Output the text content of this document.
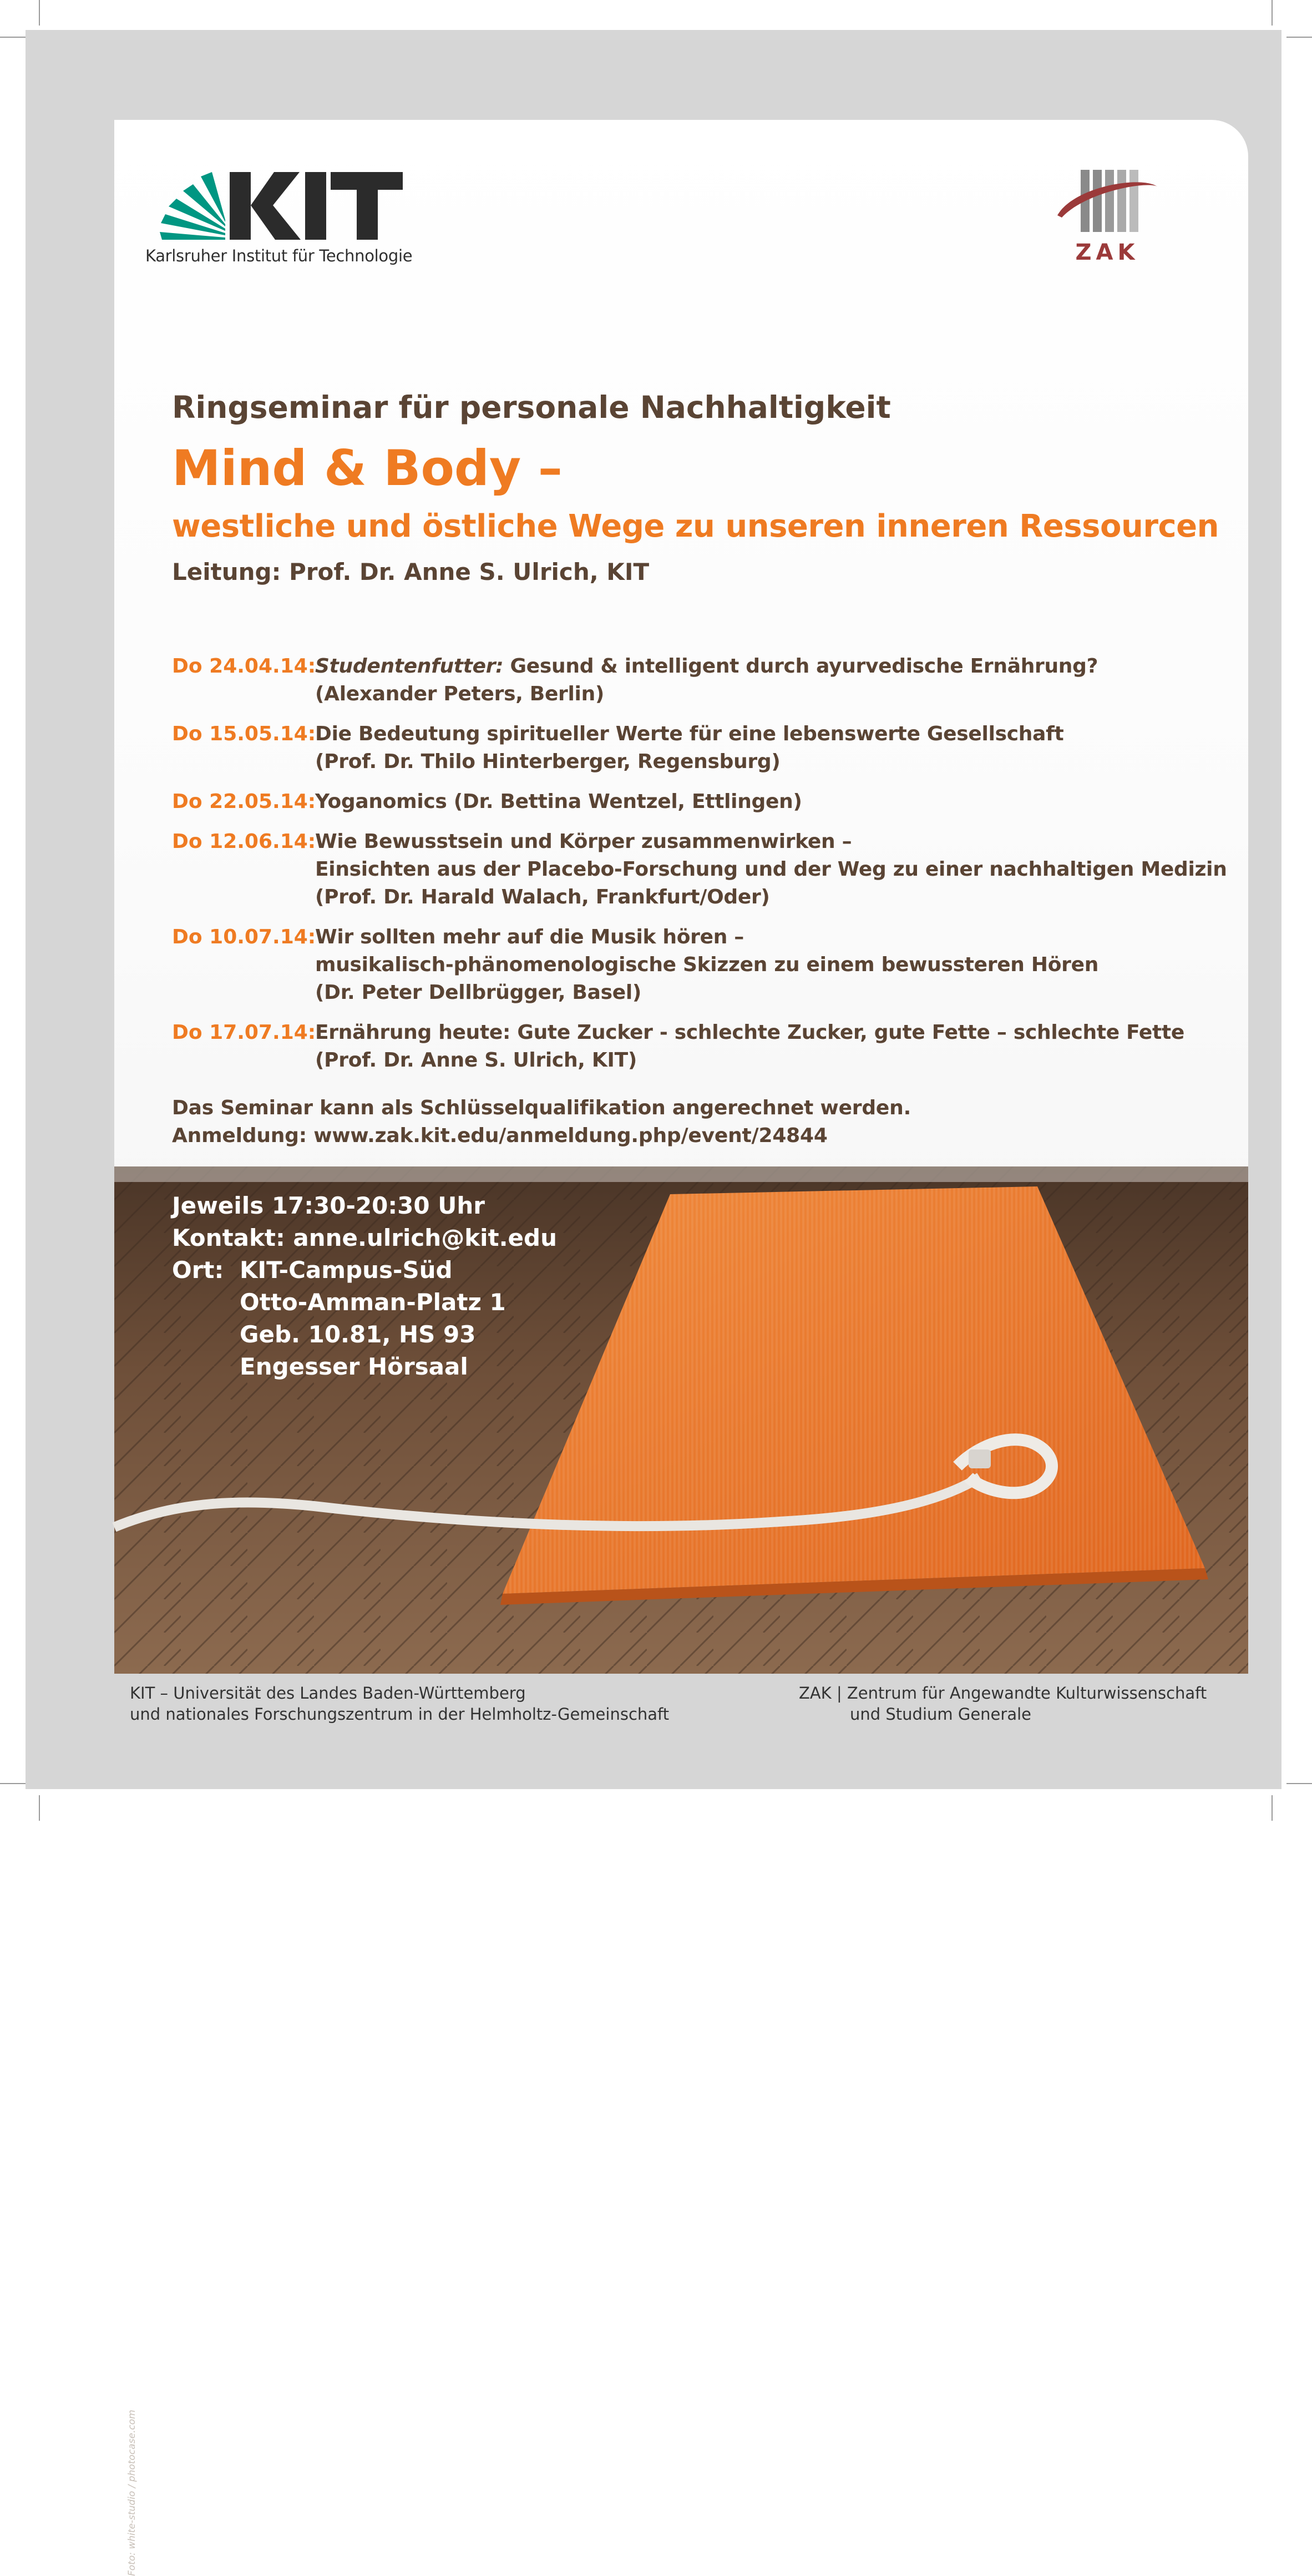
Karlsruher Institut für Technologie	ZAK
Ringseminar für personale Nachhaltigkeit
Mind & Body –
westliche und östliche Wege zu unseren inneren Ressourcen
Leitung: Prof. Dr. Anne S. Ulrich, KIT
Do 24.04.14:
Studentenfutter: Gesund & intelligent durch ayurvedische Ernährung?
(Alexander Peters, Berlin)
Do 15.05.14:
Die Bedeutung spiritueller Werte für eine lebenswerte Gesellschaft
(Prof. Dr. Thilo Hinterberger, Regensburg)
Do 22.05.14:
Yoganomics (Dr. Bettina Wentzel, Ettlingen)
Do 12.06.14:
Wie Bewusstsein und Körper zusammenwirken –
Einsichten aus der Placebo-Forschung und der Weg zu einer nachhaltigen Medizin
(Prof. Dr. Harald Walach, Frankfurt/Oder)
Do 10.07.14:
Wir sollten mehr auf die Musik hören –
musikalisch-phänomenologische Skizzen zu einem bewussteren Hören
(Dr. Peter Dellbrügger, Basel)
Do 17.07.14:
Ernährung heute: Gute Zucker - schlechte Zucker, gute Fette – schlechte Fette
(Prof. Dr. Anne S. Ulrich, KIT)
Das Seminar kann als Schlüsselqualifikation angerechnet werden.
Anmeldung: www.zak.kit.edu/anmeldung.php/event/24844
Foto: white-studio / photocase.com
Jeweils 17:30-20:30 Uhr
Kontakt: anne.ulrich@kit.edu
Ort: KIT-Campus-Süd
Otto-Amman-Platz 1
Geb. 10.81, HS 93
Engesser Hörsaal
KIT – Universität des Landes Baden-Württemberg
und nationales Forschungszentrum in der Helmholtz-Gemeinschaft
ZAK | Zentrum für Angewandte Kulturwissenschaft
und Studium Generale
